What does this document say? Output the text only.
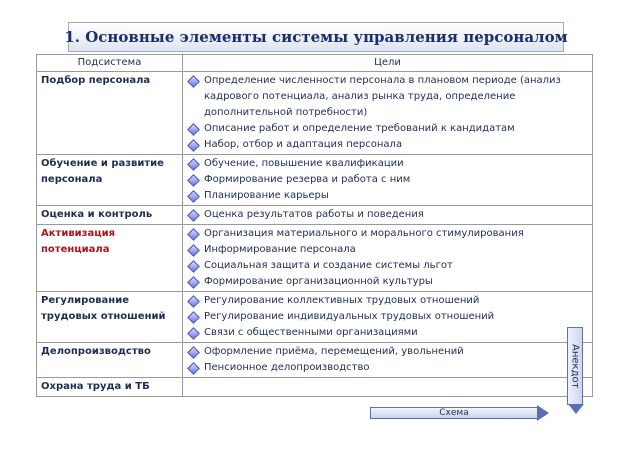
1. Основные элементы системы управления персоналом
Подсистема	Цели
Подбор персонала	Определение численности персонала в плановом периоде (анализ кадрового потенциала, анализ рынка труда, определение дополнительной потребности)
Описание работ и определение требований к кандидатам
Набор, отбор и адаптация персонала

Обучение и развитие персонала	Обучение, повышение квалификации
Формирование резерва и работа с ним
Планирование карьеры

Оценка и контроль	Оценка результатов работы и поведения

Активизация потенциала	Организация материального и морального стимулирования
Информирование персонала
Социальная защита и создание системы льгот
Формирование организационной культуры

Регулирование трудовых отношений	Регулирование коллективных трудовых отношений
Регулирование индивидуальных трудовых отношений
Связи с общественными организациями

Делопроизводство	Оформление приёма, перемещений, увольнений
Пенсионное делопроизводство

Охрана труда и ТБ		Анекдот
Схема
